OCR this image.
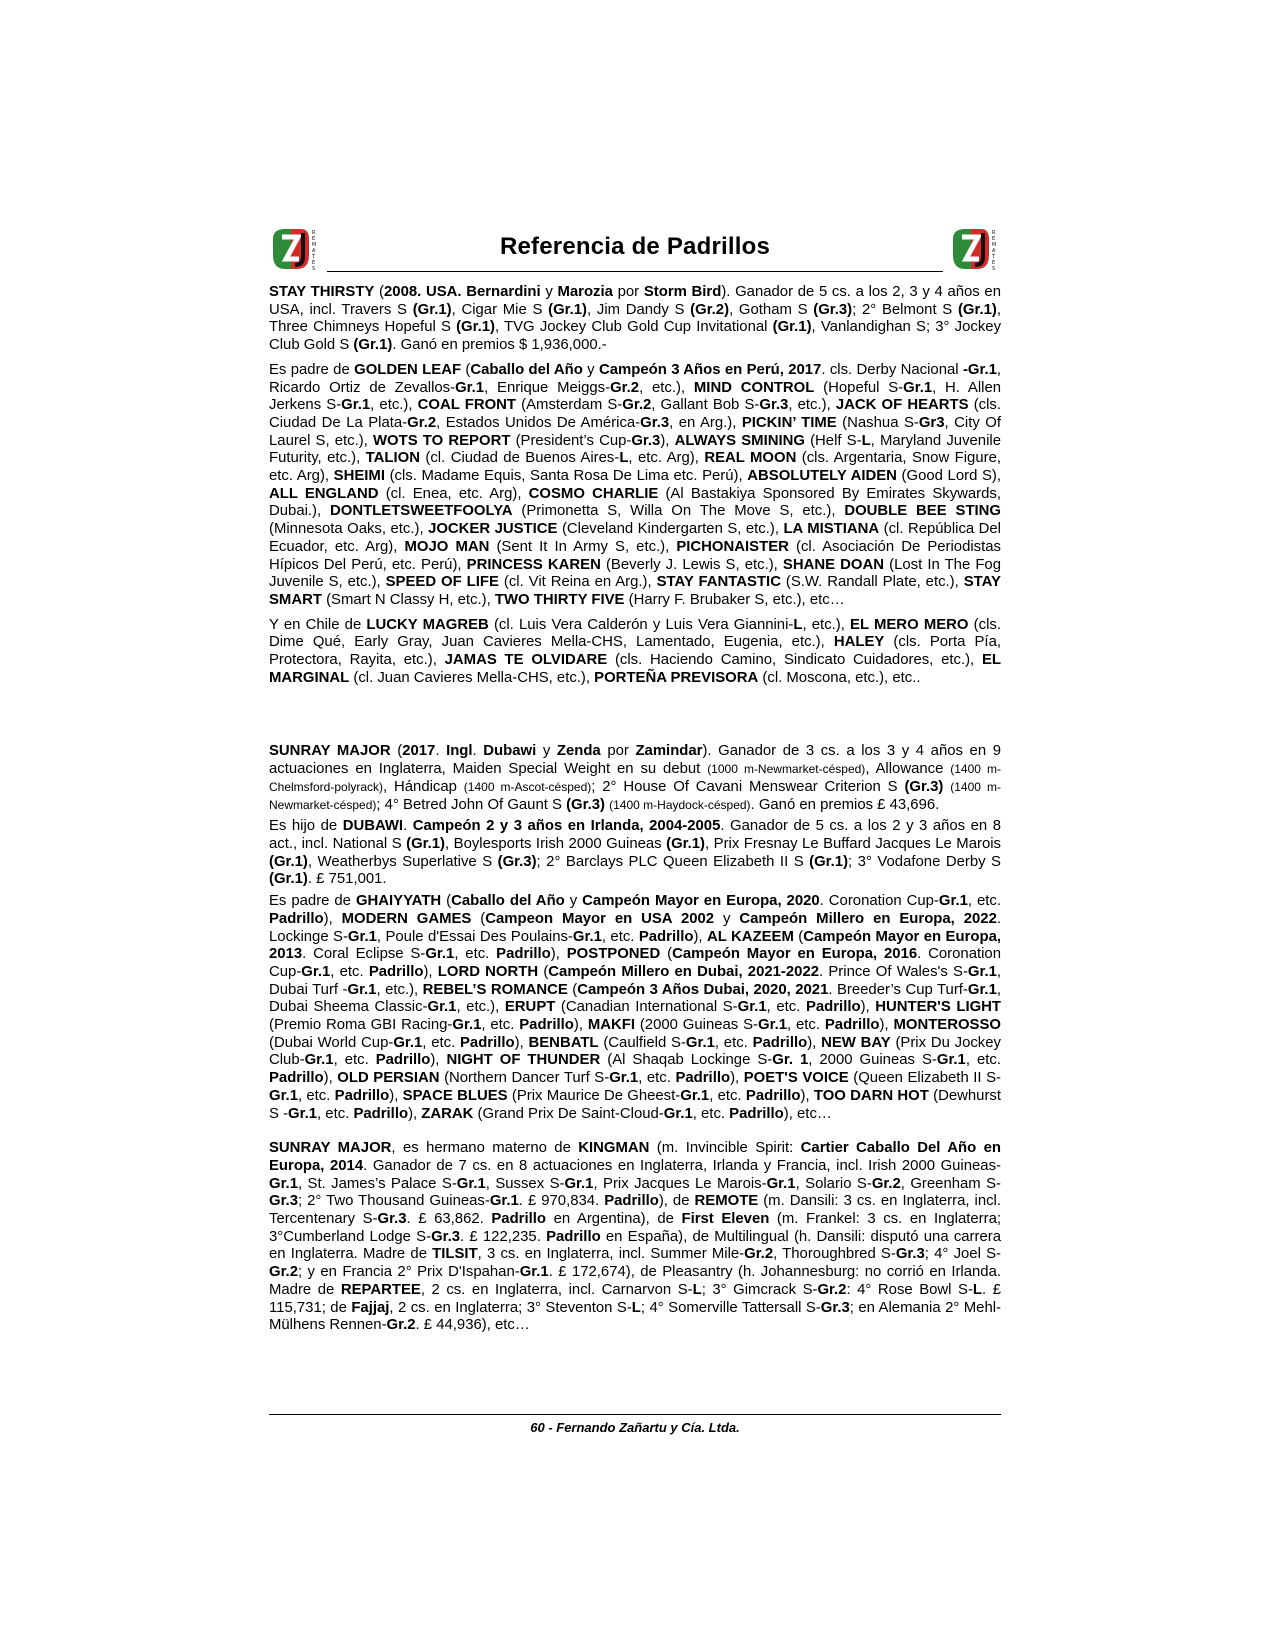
R
E
M
A
T
E
S
Referencia de Padrillos	R
E
M
A
T
E
S

STAY THIRSTY (2008. USA. Bernardini y Marozia por Storm Bird). Ganador de 5 cs. a los 2, 3 y 4 años en USA, incl. Travers S (Gr.1), Cigar Mie S (Gr.1), Jim Dandy S (Gr.2), Gotham S (Gr.3); 2° Belmont S (Gr.1), Three Chimneys Hopeful S (Gr.1), TVG Jockey Club Gold Cup Invitational (Gr.1), Vanlandighan S; 3° Jockey Club Gold S (Gr.1). Ganó en premios $ 1,936,000.-

Es padre de GOLDEN LEAF (Caballo del Año y Campeón 3 Años en Perú, 2017. cls. Derby Nacional -Gr.1, Ricardo Ortiz de Zevallos-Gr.1, Enrique Meiggs-Gr.2, etc.), MIND CONTROL (Hopeful S-Gr.1, H. Allen Jerkens S-Gr.1, etc.), COAL FRONT (Amsterdam S-Gr.2, Gallant Bob S-Gr.3, etc.), JACK OF HEARTS (cls. Ciudad De La Plata-Gr.2, Estados Unidos De América-Gr.3, en Arg.), PICKIN’ TIME (Nashua S-Gr3, City Of Laurel S, etc.), WOTS TO REPORT (President’s Cup-Gr.3), ALWAYS SMINING (Helf S-L, Maryland Juvenile Futurity, etc.), TALION (cl. Ciudad de Buenos Aires-L, etc. Arg), REAL MOON (cls. Argentaria, Snow Figure, etc. Arg), SHEIMI (cls. Madame Equis, Santa Rosa De Lima etc. Perú), ABSOLUTELY AIDEN (Good Lord S), ALL ENGLAND (cl. Enea, etc. Arg), COSMO CHARLIE (Al Bastakiya Sponsored By Emirates Skywards, Dubai.), DONTLETSWEETFOOLYA (Primonetta S, Willa On The Move S, etc.), DOUBLE BEE STING (Minnesota Oaks, etc.), JOCKER JUSTICE (Cleveland Kindergarten S, etc.), LA MISTIANA (cl. República Del Ecuador, etc. Arg), MOJO MAN (Sent It In Army S, etc.), PICHONAISTER (cl. Asociación De Periodistas Hípicos Del Perú, etc. Perú), PRINCESS KAREN (Beverly J. Lewis S, etc.), SHANE DOAN (Lost In The Fog Juvenile S, etc.), SPEED OF LIFE (cl. Vit Reina en Arg.), STAY FANTASTIC (S.W. Randall Plate, etc.), STAY SMART (Smart N Classy H, etc.), TWO THIRTY FIVE (Harry F. Brubaker S, etc.), etc…

Y en Chile de LUCKY MAGREB (cl. Luis Vera Calderón y Luis Vera Giannini-L, etc.), EL MERO MERO (cls. Dime Qué, Early Gray, Juan Cavieres Mella-CHS, Lamentado, Eugenia, etc.), HALEY (cls. Porta Pía, Protectora, Rayita, etc.), JAMAS TE OLVIDARE (cls. Haciendo Camino, Sindicato Cuidadores, etc.), EL MARGINAL (cl. Juan Cavieres Mella-CHS, etc.), PORTEÑA PREVISORA (cl. Moscona, etc.), etc..

SUNRAY MAJOR (2017. Ingl. Dubawi y Zenda por Zamindar). Ganador de 3 cs. a los 3 y 4 años en 9 actuaciones en Inglaterra, Maiden Special Weight en su debut (1000 m-Newmarket-césped), Allowance (1400 m-Chelmsford-polyrack), Hándicap (1400 m-Ascot-césped); 2° House Of Cavani Menswear Criterion S (Gr.3) (1400 m-Newmarket-césped); 4° Betred John Of Gaunt S (Gr.3) (1400 m-Haydock-césped). Ganó en premios £ 43,696.

Es hijo de DUBAWI. Campeón 2 y 3 años en Irlanda, 2004-2005. Ganador de 5 cs. a los 2 y 3 años en 8 act., incl. National S (Gr.1), Boylesports Irish 2000 Guineas (Gr.1), Prix Fresnay Le Buffard Jacques Le Marois (Gr.1), Weatherbys Superlative S (Gr.3); 2° Barclays PLC Queen Elizabeth II S (Gr.1); 3° Vodafone Derby S (Gr.1). £ 751,001.

Es padre de GHAIYYATH (Caballo del Año y Campeón Mayor en Europa, 2020. Coronation Cup-Gr.1, etc. Padrillo), MODERN GAMES (Campeon Mayor en USA 2002 y Campeón Millero en Europa, 2022. Lockinge S-Gr.1, Poule d'Essai Des Poulains-Gr.1, etc. Padrillo), AL KAZEEM (Campeón Mayor en Europa, 2013. Coral Eclipse S-Gr.1, etc. Padrillo), POSTPONED (Campeón Mayor en Europa, 2016. Coronation Cup-Gr.1, etc. Padrillo), LORD NORTH (Campeón Millero en Dubai, 2021-2022. Prince Of Wales's S-Gr.1, Dubai Turf -Gr.1, etc.), REBEL’S ROMANCE (Campeón 3 Años Dubai, 2020, 2021. Breeder’s Cup Turf-Gr.1, Dubai Sheema Classic-Gr.1, etc.), ERUPT (Canadian International S-Gr.1, etc. Padrillo), HUNTER'S LIGHT (Premio Roma GBI Racing-Gr.1, etc. Padrillo), MAKFI (2000 Guineas S-Gr.1, etc. Padrillo), MONTEROSSO (Dubai World Cup-Gr.1, etc. Padrillo), BENBATL (Caulfield S-Gr.1, etc. Padrillo), NEW BAY (Prix Du Jockey Club-Gr.1, etc. Padrillo), NIGHT OF THUNDER (Al Shaqab Lockinge S-Gr. 1, 2000 Guineas S-Gr.1, etc. Padrillo), OLD PERSIAN (Northern Dancer Turf S-Gr.1, etc. Padrillo), POET'S VOICE (Queen Elizabeth II S-Gr.1, etc. Padrillo), SPACE BLUES (Prix Maurice De Gheest-Gr.1, etc. Padrillo), TOO DARN HOT (Dewhurst S -Gr.1, etc. Padrillo), ZARAK (Grand Prix De Saint-Cloud-Gr.1, etc. Padrillo), etc…

SUNRAY MAJOR, es hermano materno de KINGMAN (m. Invincible Spirit: Cartier Caballo Del Año en Europa, 2014. Ganador de 7 cs. en 8 actuaciones en Inglaterra, Irlanda y Francia, incl. Irish 2000 Guineas-Gr.1, St. James’s Palace S-Gr.1, Sussex S-Gr.1, Prix Jacques Le Marois-Gr.1, Solario S-Gr.2, Greenham S-Gr.3; 2° Two Thousand Guineas-Gr.1. £ 970,834. Padrillo), de REMOTE (m. Dansili: 3 cs. en Inglaterra, incl. Tercentenary S-Gr.3. £ 63,862. Padrillo en Argentina), de First Eleven (m. Frankel: 3 cs. en Inglaterra; 3°Cumberland Lodge S-Gr.3. £ 122,235. Padrillo en España), de Multilingual (h. Dansili: disputó una carrera en Inglaterra. Madre de TILSIT, 3 cs. en Inglaterra, incl. Summer Mile-Gr.2, Thoroughbred S-Gr.3; 4° Joel S-Gr.2; y en Francia 2° Prix D'Ispahan-Gr.1. £ 172,674), de Pleasantry (h. Johannesburg: no corrió en Irlanda. Madre de REPARTEE, 2 cs. en Inglaterra, incl. Carnarvon S-L; 3° Gimcrack S-Gr.2: 4° Rose Bowl S-L. £ 115,731; de Fajjaj, 2 cs. en Inglaterra; 3° Steventon S-L; 4° Somerville Tattersall S-Gr.3; en Alemania 2° Mehl-Mülhens Rennen-Gr.2. £ 44,936), etc…

60 - Fernando Zañartu y Cía. Ltda.
